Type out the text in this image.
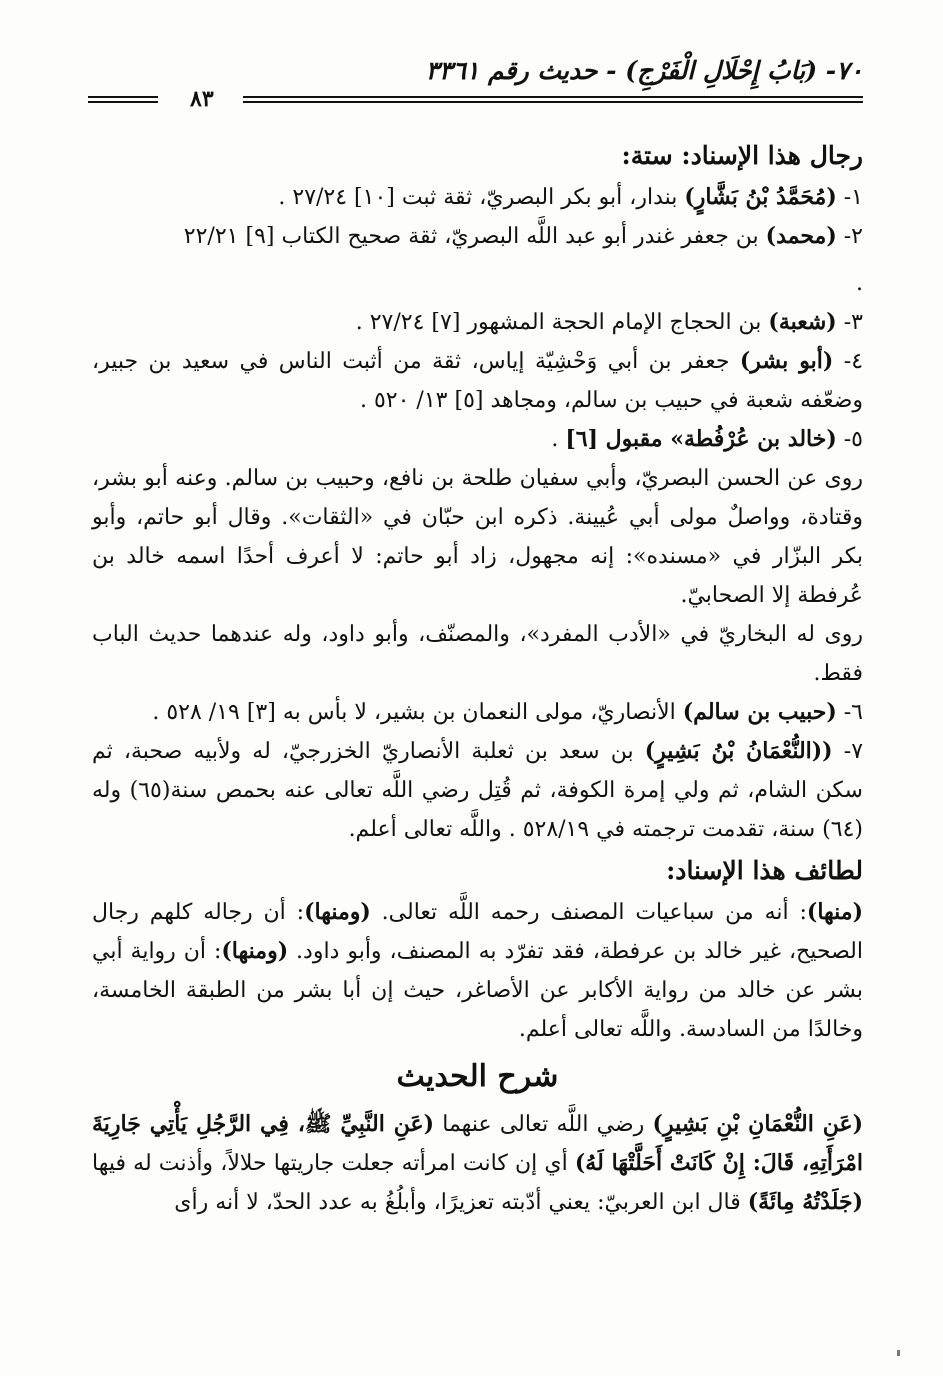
٧٠- (بَابُ إِحْلَالِ الْفَرْجِ) - حديث رقم ٣٣٦١
٨٣

رجال هذا الإسناد: ستة:

١- (مُحَمَّدُ بْنُ بَشَّارٍ) بندار، أبو بكر البصريّ، ثقة ثبت [١٠] ٢٧/٢٤ .

٢- (محمد) بن جعفر غندر أبو عبد اللَّه البصريّ، ثقة صحيح الكتاب [٩] ٢٢/٢١

.

٣- (شعبة) بن الحجاج الإمام الحجة المشهور [٧] ٢٧/٢٤ .

٤- (أبو بشر) جعفر بن أبي وَحْشِيّة إياس، ثقة من أثبت الناس في سعيد بن جبير، وضعّفه شعبة في حبيب بن سالم، ومجاهد [٥] ١٣/ ٥٢٠ .

٥- (خالد بن عُرْفُطة» مقبول [٦] .

روى عن الحسن البصريّ، وأبي سفيان طلحة بن نافع، وحبيب بن سالم. وعنه أبو بشر، وقتادة، وواصلٌ مولى أبي عُيينة. ذكره ابن حبّان في «الثقات». وقال أبو حاتم، وأبو بكر البزّار في «مسنده»: إنه مجهول، زاد أبو حاتم: لا أعرف أحدًا اسمه خالد بن عُرفطة إلا الصحابيّ.

روى له البخاريّ في «الأدب المفرد»، والمصنّف، وأبو داود، وله عندهما حديث الباب فقط.

٦- (حبيب بن سالم) الأنصاريّ، مولى النعمان بن بشير، لا بأس به [٣] ١٩/ ٥٢٨ .

٧- ((النُّعْمَانُ بْنُ بَشِيرٍ) بن سعد بن ثعلبة الأنصاريّ الخزرجيّ، له ولأبيه صحبة، ثم سكن الشام، ثم ولي إمرة الكوفة، ثم قُتِل رضي اللَّه تعالى عنه بحمص سنة(٦٥) وله (٦٤) سنة، تقدمت ترجمته في ٥٢٨/١٩ . واللَّه تعالى أعلم.

لطائف هذا الإسناد:

(منها): أنه من سباعيات المصنف رحمه اللَّه تعالى. (ومنها): أن رجاله كلهم رجال الصحيح، غير خالد بن عرفطة، فقد تفرّد به المصنف، وأبو داود. (ومنها): أن رواية أبي بشر عن خالد من رواية الأكابر عن الأصاغر، حيث إن أبا بشر من الطبقة الخامسة، وخالدًا من السادسة. واللَّه تعالى أعلم.

شرح الحديث

(عَنِ النُّعْمَانِ بْنِ بَشِيرٍ) رضي اللَّه تعالى عنهما (عَنِ النَّبِيِّ ﷺ، فِي الرَّجُلِ يَأْتِي جَارِيَةَ امْرَأَتِهِ، قَالَ: إِنْ كَانَتْ أَحَلَّتْهَا لَهُ) أي إن كانت امرأته جعلت جاريتها حلالاً، وأذنت له فيها (جَلَدْتُهُ مِائَةً) قال ابن العربيّ: يعني أدّبته تعزيرًا، وأبلُغُ به عدد الحدّ، لا أنه رأى
